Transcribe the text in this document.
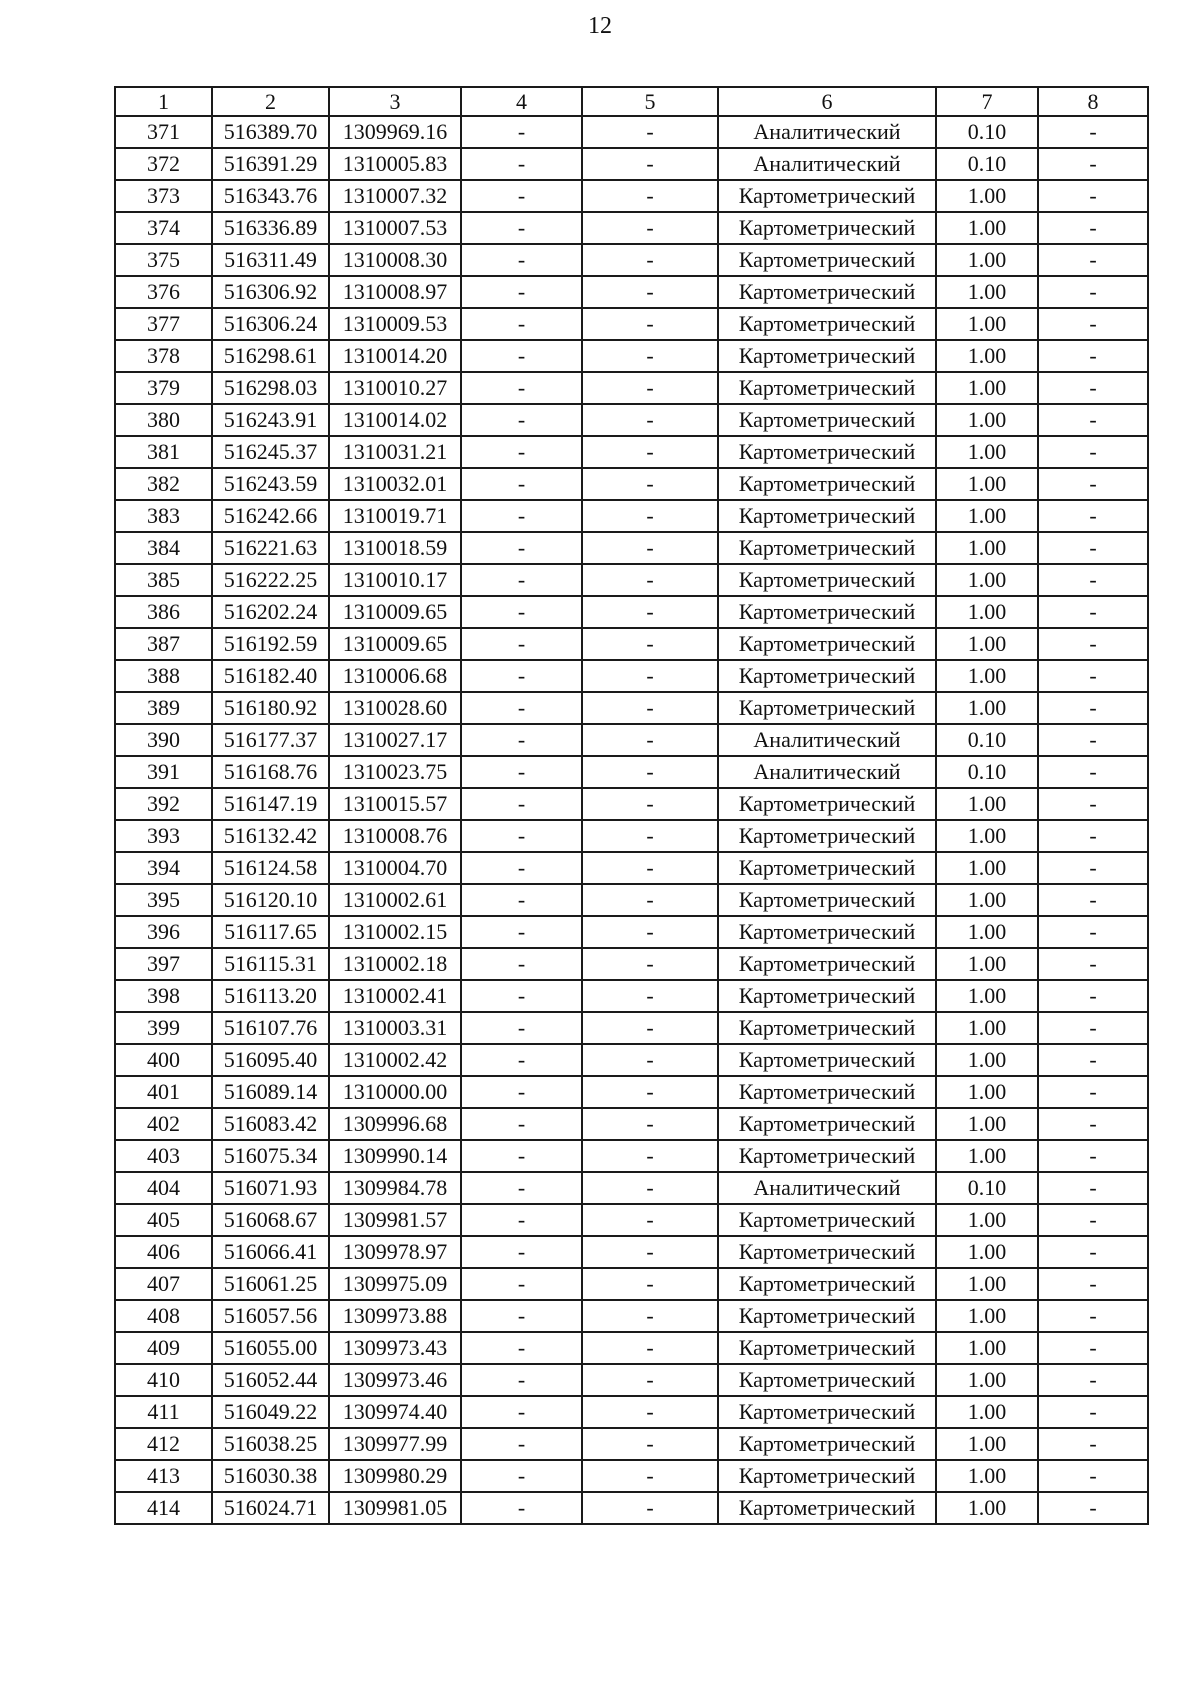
12
1	2	3	4	5	6	7	8
371	516389.70	1309969.16	-	-	Аналитический	0.10	-
372	516391.29	1310005.83	-	-	Аналитический	0.10	-
373	516343.76	1310007.32	-	-	Картометрический	1.00	-
374	516336.89	1310007.53	-	-	Картометрический	1.00	-
375	516311.49	1310008.30	-	-	Картометрический	1.00	-
376	516306.92	1310008.97	-	-	Картометрический	1.00	-
377	516306.24	1310009.53	-	-	Картометрический	1.00	-
378	516298.61	1310014.20	-	-	Картометрический	1.00	-
379	516298.03	1310010.27	-	-	Картометрический	1.00	-
380	516243.91	1310014.02	-	-	Картометрический	1.00	-
381	516245.37	1310031.21	-	-	Картометрический	1.00	-
382	516243.59	1310032.01	-	-	Картометрический	1.00	-
383	516242.66	1310019.71	-	-	Картометрический	1.00	-
384	516221.63	1310018.59	-	-	Картометрический	1.00	-
385	516222.25	1310010.17	-	-	Картометрический	1.00	-
386	516202.24	1310009.65	-	-	Картометрический	1.00	-
387	516192.59	1310009.65	-	-	Картометрический	1.00	-
388	516182.40	1310006.68	-	-	Картометрический	1.00	-
389	516180.92	1310028.60	-	-	Картометрический	1.00	-
390	516177.37	1310027.17	-	-	Аналитический	0.10	-
391	516168.76	1310023.75	-	-	Аналитический	0.10	-
392	516147.19	1310015.57	-	-	Картометрический	1.00	-
393	516132.42	1310008.76	-	-	Картометрический	1.00	-
394	516124.58	1310004.70	-	-	Картометрический	1.00	-
395	516120.10	1310002.61	-	-	Картометрический	1.00	-
396	516117.65	1310002.15	-	-	Картометрический	1.00	-
397	516115.31	1310002.18	-	-	Картометрический	1.00	-
398	516113.20	1310002.41	-	-	Картометрический	1.00	-
399	516107.76	1310003.31	-	-	Картометрический	1.00	-
400	516095.40	1310002.42	-	-	Картометрический	1.00	-
401	516089.14	1310000.00	-	-	Картометрический	1.00	-
402	516083.42	1309996.68	-	-	Картометрический	1.00	-
403	516075.34	1309990.14	-	-	Картометрический	1.00	-
404	516071.93	1309984.78	-	-	Аналитический	0.10	-
405	516068.67	1309981.57	-	-	Картометрический	1.00	-
406	516066.41	1309978.97	-	-	Картометрический	1.00	-
407	516061.25	1309975.09	-	-	Картометрический	1.00	-
408	516057.56	1309973.88	-	-	Картометрический	1.00	-
409	516055.00	1309973.43	-	-	Картометрический	1.00	-
410	516052.44	1309973.46	-	-	Картометрический	1.00	-
411	516049.22	1309974.40	-	-	Картометрический	1.00	-
412	516038.25	1309977.99	-	-	Картометрический	1.00	-
413	516030.38	1309980.29	-	-	Картометрический	1.00	-
414	516024.71	1309981.05	-	-	Картометрический	1.00	-
